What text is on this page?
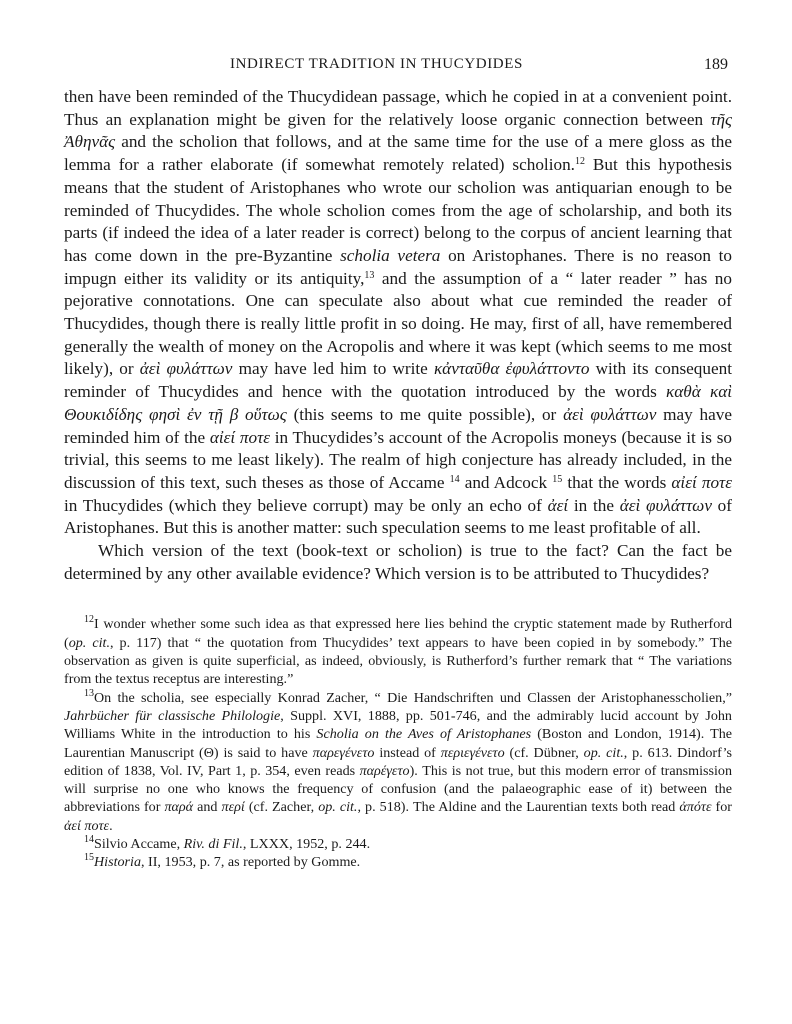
INDIRECT TRADITION IN THUCYDIDES	189

then have been reminded of the Thucydidean passage, which he copied in at a convenient point. Thus an explanation might be given for the relatively loose organic connection between τῆς Ἀθηνᾶς and the scholion that follows, and at the same time for the use of a mere gloss as the lemma for a rather elaborate (if somewhat remotely related) scholion.$^{12}$ But this hypothesis means that the student of Aristophanes who wrote our scholion was antiquarian enough to be reminded of Thucydides. The whole scholion comes from the age of scholarship, and both its parts (if indeed the idea of a later reader is correct) belong to the corpus of ancient learning that has come down in the pre-Byzantine scholia vetera on Aristophanes. There is no reason to impugn either its validity or its antiquity,$^{13}$ and the assumption of a “ later reader ” has no pejorative connotations. One can speculate also about what cue reminded the reader of Thucydides, though there is really little profit in so doing. He may, first of all, have remembered generally the wealth of money on the Acropolis and where it was kept (which seems to me most likely), or ἀεὶ φυλάττων may have led him to write κἀνταῦθα ἐφυλάττοντο with its consequent reminder of Thucydides and hence with the quotation introduced by the words καθὰ καὶ Θουκιδίδης φησὶ ἐν τῇ β οὕτως (this seems to me quite possible), or ἀεὶ φυλάττων may have reminded him of the αἰεί ποτε in Thucydides’s account of the Acropolis moneys (because it is so trivial, this seems to me least likely). The realm of high conjecture has already included, in the discussion of this text, such theses as those of Accame $^{14}$ and Adcock $^{15}$ that the words αἰεί ποτε in Thucydides (which they believe corrupt) may be only an echo of ἀεί in the ἀεὶ φυλάττων of Aristophanes. But this is another matter: such speculation seems to me least profitable of all.

Which version of the text (book-text or scholion) is true to the fact? Can the fact be determined by any other available evidence? Which version is to be attributed to Thucydides?

$^{12}$I wonder whether some such idea as that expressed here lies behind the cryptic statement made by Rutherford (op. cit., p. 117) that “ the quotation from Thucydides’ text appears to have been copied in by somebody.” The observation as given is quite superficial, as indeed, obviously, is Rutherford’s further remark that “ The variations from the textus receptus are interesting.”

$^{13}$On the scholia, see especially Konrad Zacher, “ Die Handschriften und Classen der Aristophanesscholien,” Jahrbücher für classische Philologie, Suppl. XVI, 1888, pp. 501-746, and the admirably lucid account by John Williams White in the introduction to his Scholia on the Aves of Aristophanes (Boston and London, 1914). The Laurentian Manuscript (Θ) is said to have παρεγένετο instead of περιεγένετο (cf. Dübner, op. cit., p. 613. Dindorf’s edition of 1838, Vol. IV, Part 1, p. 354, even reads παρέγετο). This is not true, but this modern error of transmission will surprise no one who knows the frequency of confusion (and the palaeographic ease of it) between the abbreviations for παρά and περί (cf. Zacher, op. cit., p. 518). The Aldine and the Laurentian texts both read ἀπότε for ἀεί ποτε.

$^{14}$Silvio Accame, Riv. di Fil., LXXX, 1952, p. 244.

$^{15}$Historia, II, 1953, p. 7, as reported by Gomme.
